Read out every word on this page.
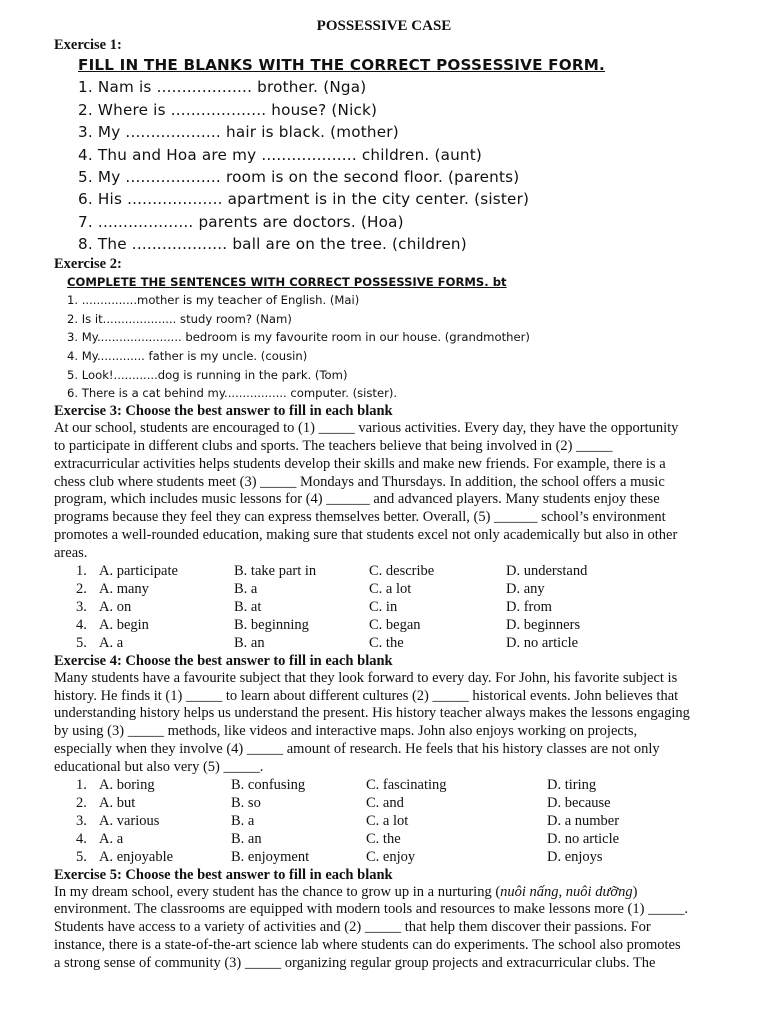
POSSESSIVE CASE
Exercise 1:
FILL IN THE BLANKS WITH THE CORRECT POSSESSIVE FORM.
1. Nam is ................... brother. (Nga)
2. Where is ................... house? (Nick)
3. My ................... hair is black. (mother)
4. Thu and Hoa are my ................... children. (aunt)
5. My ................... room is on the second floor. (parents)
6. His ................... apartment is in the city center. (sister)
7. ................... parents are doctors. (Hoa)
8. The ................... ball are on the tree. (children)
Exercise 2:
COMPLETE THE SENTENCES WITH CORRECT POSSESSIVE FORMS. bt
1. ...............mother is my teacher of English. (Mai)
2. Is it.................... study room? (Nam)
3. My....................... bedroom is my favourite room in our house. (grandmother)
4. My............. father is my uncle. (cousin)
5. Look!............dog is running in the park. (Tom)
6. There is a cat behind my................. computer. (sister).
Exercise 3: Choose the best answer to fill in each blank
At our school, students are encouraged to (1) _____ various activities. Every day, they have the opportunity
to participate in different clubs and sports. The teachers believe that being involved in (2) _____
extracurricular activities helps students develop their skills and make new friends. For example, there is a
chess club where students meet (3) _____ Mondays and Thursdays. In addition, the school offers a music
program, which includes music lessons for (4) ______ and advanced players. Many students enjoy these
programs because they feel they can express themselves better. Overall, (5) ______ school’s environment
promotes a well-rounded education, making sure that students excel not only academically but also in other
areas.
1. A. participate	B. take part in	C. describe	D. understand
2. A. many	B. a	C. a lot	D. any
3. A. on	B. at	C. in	D. from
4. A. begin	B. beginning	C. began	D. beginners
5. A. a	B. an	C. the	D. no article
Exercise 4: Choose the best answer to fill in each blank
Many students have a favourite subject that they look forward to every day. For John, his favorite subject is
history. He finds it (1) _____ to learn about different cultures (2) _____ historical events. John believes that
understanding history helps us understand the present. His history teacher always makes the lessons engaging
by using (3) _____ methods, like videos and interactive maps. John also enjoys working on projects,
especially when they involve (4) _____ amount of research. He feels that his history classes are not only
educational but also very (5) _____.
1. A. boring	B. confusing	C. fascinating	D. tiring
2. A. but	B. so	C. and	D. because
3. A. various	B. a	C. a lot	D. a number
4. A. a	B. an	C. the	D. no article
5. A. enjoyable	B. enjoyment	C. enjoy	D. enjoys
Exercise 5: Choose the best answer to fill in each blank
In my dream school, every student has the chance to grow up in a nurturing (nuôi nấng, nuôi dưỡng)
environment. The classrooms are equipped with modern tools and resources to make lessons more (1) _____.
Students have access to a variety of activities and (2) _____ that help them discover their passions. For
instance, there is a state-of-the-art science lab where students can do experiments. The school also promotes
a strong sense of community (3) _____ organizing regular group projects and extracurricular clubs. The
